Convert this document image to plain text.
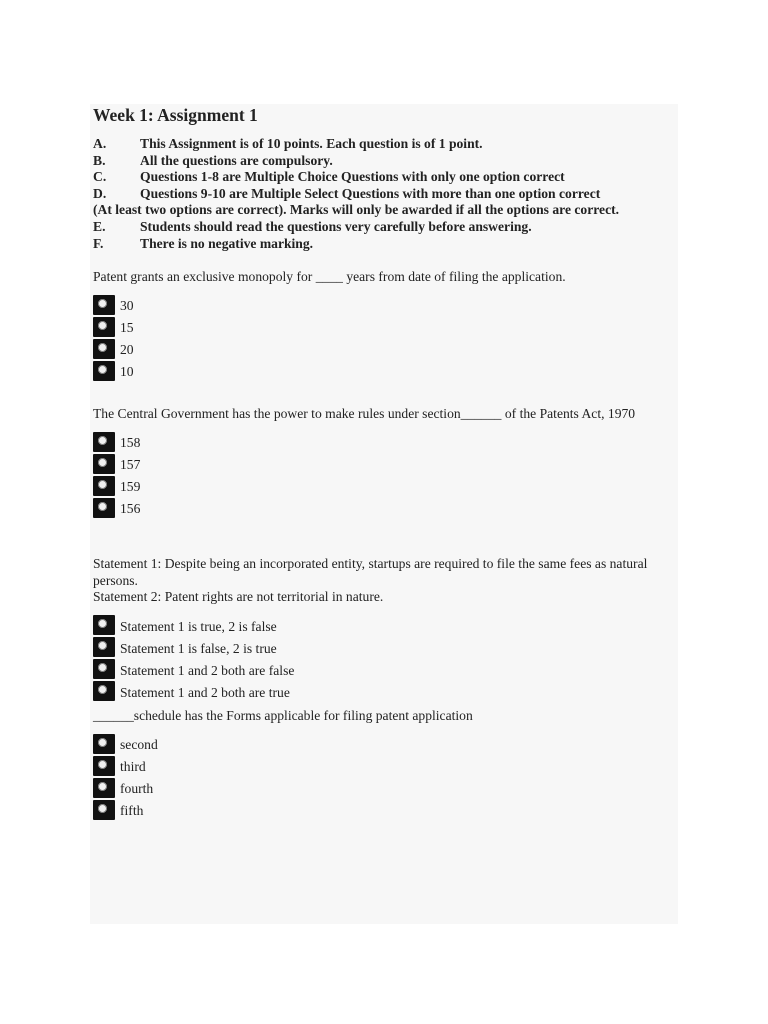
Week 1: Assignment 1
A.	This Assignment is of 10 points. Each question is of 1 point.
B.	All the questions are compulsory.
C.	Questions 1-8 are Multiple Choice Questions with only one option correct
D.	Questions 9-10 are Multiple Select Questions with more than one option correct
(At least two options are correct). Marks will only be awarded if all the options are correct.
E.	Students should read the questions very carefully before answering.
F.	There is no negative marking.
Patent grants an exclusive monopoly for ____ years from date of filing the application.
30
15
20
10
The Central Government has the power to make rules under section______ of the Patents Act, 1970
158
157
159
156
Statement 1: Despite being an incorporated entity, startups are required to file the same fees as natural persons.
Statement 2: Patent rights are not territorial in nature.
Statement 1 is true, 2 is false
Statement 1 is false, 2 is true
Statement 1 and 2 both are false
Statement 1 and 2 both are true
______schedule has the Forms applicable for filing patent application
second
third
fourth
fifth
